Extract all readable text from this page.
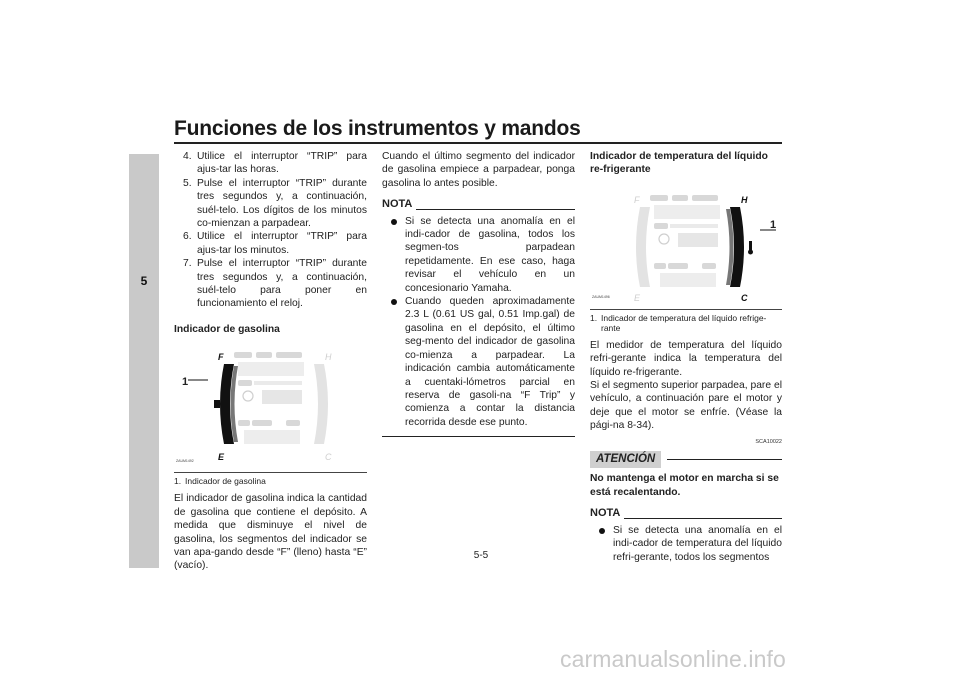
Funciones de los instrumentos y mandos
5
4. Utilice el interruptor “TRIP” para ajus-tar las horas.
5. Pulse el interruptor “TRIP” durante tres segundos y, a continuación, suél-telo. Los dígitos de los minutos co-mienzan a parpadear.
6. Utilice el interruptor “TRIP” para ajus-tar los minutos.
7. Pulse el interruptor “TRIP” durante tres segundos y, a continuación, suél-telo para poner en funcionamiento el reloj.
Indicador de gasolina
1
F
E
H
C
ZAUM1492
1. Indicador de gasolina

El indicador de gasolina indica la cantidad de gasolina que contiene el depósito. A medida que disminuye el nivel de gasolina, los segmentos del indicador se van apa-gando desde “F” (lleno) hasta “E” (vacío).

Cuando el último segmento del indicador de gasolina empiece a parpadear, ponga gasolina lo antes posible.

NOTA
Si se detecta una anomalía en el indi-cador de gasolina, todos los segmen-tos parpadean repetidamente. En ese caso, haga revisar el vehículo en un concesionario Yamaha.
Cuando queden aproximadamente 2.3 L (0.61 US gal, 0.51 Imp.gal) de gasolina en el depósito, el último seg-mento del indicador de gasolina co-mienza a parpadear. La indicación cambia automáticamente a cuentaki-lómetros parcial en reserva de gasoli-na “F Trip” y comienza a contar la distancia recorrida desde ese punto.
Indicador de temperatura del líquido re-frigerante
F
E
H
C
1
ZAUM1496
1. Indicador de temperatura del líquido refrige-rante

El medidor de temperatura del líquido refri-gerante indica la temperatura del líquido re-frigerante.

Si el segmento superior parpadea, pare el vehículo, a continuación pare el motor y deje que el motor se enfríe. (Véase la pági-na 8-34).

SCA10022
ATENCIÓN

No mantenga el motor en marcha si se está recalentando.

NOTA
Si se detecta una anomalía en el indi-cador de temperatura del líquido refri-gerante, todos los segmentos
5-5
carmanualsonline.info
